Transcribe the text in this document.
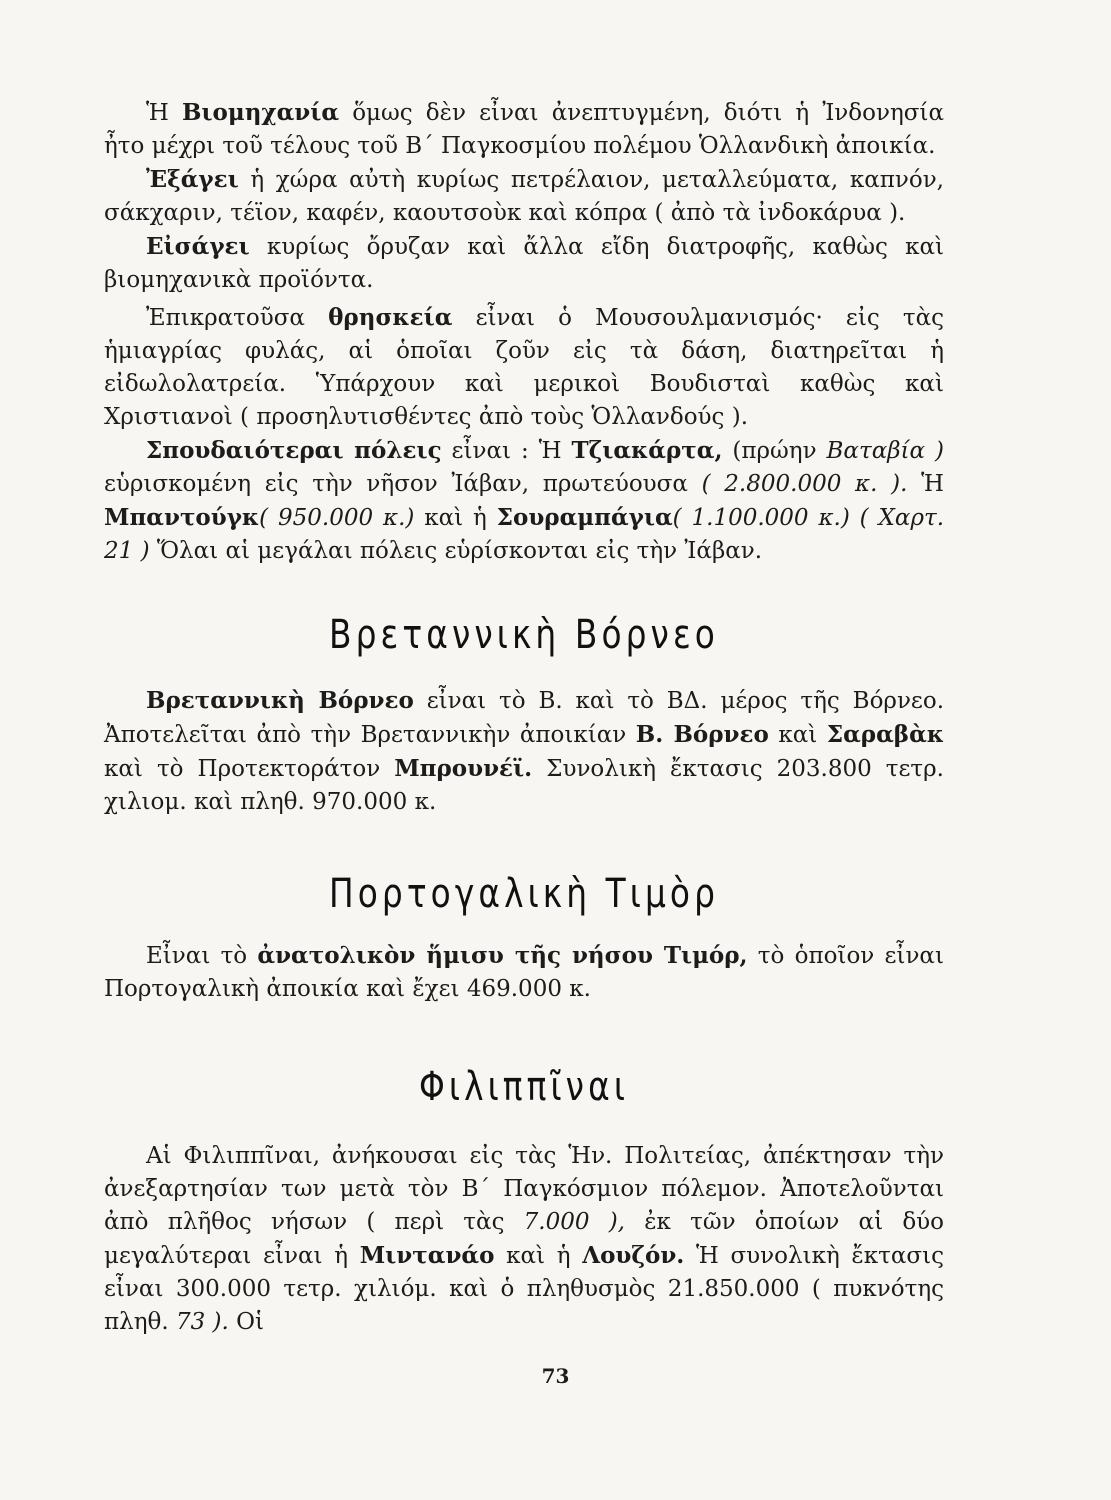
Ἡ Βιομηχανία ὅμως δὲν εἶναι ἀνεπτυγμένη, διότι ἡ Ἰνδονησία ἦτο μέχρι τοῦ τέλους τοῦ Β΄ Παγκοσμίου πολέμου Ὁλλανδικὴ ἀποικία.

Ἐξάγει ἡ χώρα αὐτὴ κυρίως πετρέλαιον, μεταλλεύματα, καπνόν, σάκχαριν, τέϊον, καφέν, καουτσοὺκ καὶ κόπρα ( ἀπὸ τὰ ἰνδοκάρυα ).

Εἰσάγει κυρίως ὄρυζαν καὶ ἄλλα εἴδη διατροφῆς, καθὼς καὶ βιομηχανικὰ προϊόντα.

Ἐπικρατοῦσα θρησκεία εἶναι ὁ Μουσουλμανισμός· εἰς τὰς ἡμιαγρίας φυλάς, αἱ ὁποῖαι ζοῦν εἰς τὰ δάση, διατηρεῖται ἡ εἰδωλολατρεία. Ὑπάρχουν καὶ μερικοὶ Βουδισταὶ καθὼς καὶ Χριστιανοὶ ( προσηλυτισθέντες ἀπὸ τοὺς Ὁλλανδούς ).

Σπουδαιότεραι πόλεις εἶναι : Ἡ Τζιακάρτα, (πρώην Βαταβία ) εὑρισκομένη εἰς τὴν νῆσον Ἰάβαν, πρωτεύουσα ( 2.800.000 κ. ). Ἡ Μπαντούγκ( 950.000 κ.) καὶ ἡ Σουραμπάγια( 1.100.000 κ.) ( Χαρτ. 21 ) Ὅλαι αἱ μεγάλαι πόλεις εὑρίσκονται εἰς τὴν Ἰάβαν.

Βρεταννικὴ Βόρνεο

Βρεταννικὴ Βόρνεο εἶναι τὸ Β. καὶ τὸ ΒΔ. μέρος τῆς Βόρνεο. Ἀποτελεῖται ἀπὸ τὴν Βρεταννικὴν ἀποικίαν Β. Βόρνεο καὶ Σαραβὰκ καὶ τὸ Προτεκτοράτον Μπρουνέϊ. Συνολικὴ ἔκτασις 203.800 τετρ. χιλιομ. καὶ πληθ. 970.000 κ.

Πορτογαλικὴ Τιμὸρ

Εἶναι τὸ ἀνατολικὸν ἥμισυ τῆς νήσου Τιμόρ, τὸ ὁποῖον εἶναι Πορτογαλικὴ ἀποικία καὶ ἔχει 469.000 κ.

Φιλιππῖναι

Αἱ Φιλιππῖναι, ἀνήκουσαι εἰς τὰς Ἡν. Πολιτείας, ἀπέκτησαν τὴν ἀνεξαρτησίαν των μετὰ τὸν Β΄ Παγκόσμιον πόλεμον. Ἀποτελοῦνται ἀπὸ πλῆθος νήσων ( περὶ τὰς 7.000 ), ἐκ τῶν ὁποίων αἱ δύο μεγαλύτεραι εἶναι ἡ Μιντανάο καὶ ἡ Λουζόν. Ἡ συνολικὴ ἔκτασις εἶναι 300.000 τετρ. χιλιόμ. καὶ ὁ πληθυσμὸς 21.850.000 ( πυκνότης πληθ. 73 ). Οἱ

73
